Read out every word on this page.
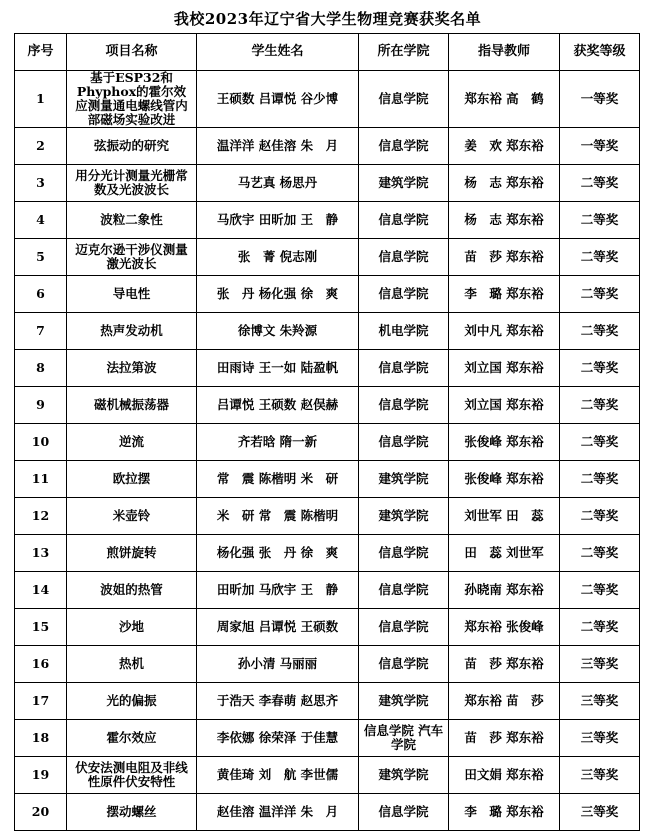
我校2023年辽宁省大学生物理竞赛获奖名单
序号	项目名称	学生姓名	所在学院	指导教师	获奖等级
1	基于ESP32和Phyphox的霍尔效应测量通电螺线管内部磁场实验改进	王硕数 吕谭悦 谷少博	信息学院	郑东裕 高　鹤	一等奖
2	弦振动的研究	温洋洋 赵佳溶 朱　月	信息学院	姜　欢 郑东裕	一等奖
3	用分光计测量光栅常数及光波波长	马艺真 杨思丹	建筑学院	杨　志 郑东裕	二等奖
4	波粒二象性	马欣宇 田昕加 王　静	信息学院	杨　志 郑东裕	二等奖
5	迈克尔逊干涉仪测量激光波长	张　菁 倪志刚	信息学院	苗　莎 郑东裕	二等奖
6	导电性	张　丹 杨化强 徐　爽	信息学院	李　璐 郑东裕	二等奖
7	热声发动机	徐博文 朱羚源	机电学院	刘中凡 郑东裕	二等奖
8	法拉第波	田雨诗 王一如 陆盈帆	信息学院	刘立国 郑东裕	二等奖
9	磁机械振荡器	吕谭悦 王硕数 赵俣赫	信息学院	刘立国 郑东裕	二等奖
10	逆流	齐若晗 隋一新	信息学院	张俊峰 郑东裕	二等奖
11	欧拉摆	常　震 陈楷明 米　研	建筑学院	张俊峰 郑东裕	二等奖
12	米壶铃	米　研 常　震 陈楷明	建筑学院	刘世军 田　蕊	二等奖
13	煎饼旋转	杨化强 张　丹 徐　爽	信息学院	田　蕊 刘世军	二等奖
14	波姐的热管	田昕加 马欣宇 王　静	信息学院	孙晓南 郑东裕	二等奖
15	沙地	周家旭 吕谭悦 王硕数	信息学院	郑东裕 张俊峰	二等奖
16	热机	孙小清 马丽丽	信息学院	苗　莎 郑东裕	三等奖
17	光的偏振	于浩天 李春萌 赵思齐	建筑学院	郑东裕 苗　莎	三等奖
18	霍尔效应	李依娜 徐荣泽 于佳慧	信息学院 汽车学院	苗　莎 郑东裕	三等奖
19	伏安法测电阻及非线性原件伏安特性	黄佳琦 刘　航 李世儒	建筑学院	田文娟 郑东裕	三等奖
20	摆动螺丝	赵佳溶 温洋洋 朱　月	信息学院	李　璐 郑东裕	三等奖
